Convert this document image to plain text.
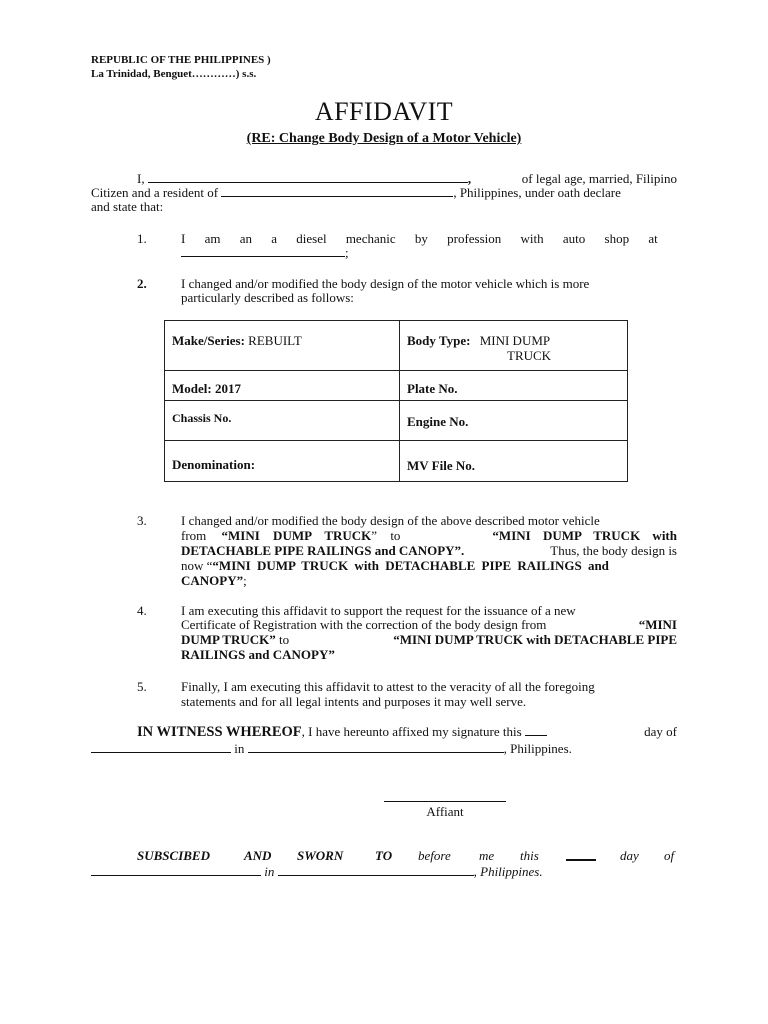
REPUBLIC OF THE PHILIPPINES )
La Trinidad, Benguet…………) s.s.
AFFIDAVIT
(RE: Change Body Design of a Motor Vehicle)
I,	,	of legal age, married, Filipino
Citizen and a resident of	, Philippines, under oath declare
and state that:
1.	I am an a diesel mechanic by profession with auto shop at
;
2.	I changed and/or modified the body design of the motor vehicle which is more
particularly described as follows:
Make/Series: REBUILT	Body Type: MINI DUMP
TRUCK
Model: 2017	Plate No.
Chassis No.	Engine No.
Denomination:	MV File No.
3.	I changed and/or modified the body design of the above described motor vehicle
from “MINI DUMP TRUCK” to	“MINI DUMP TRUCK with
DETACHABLE PIPE RAILINGS and CANOPY”.	Thus, the body design is
now ““MINI DUMP TRUCK with DETACHABLE PIPE RAILINGS and
CANOPY”;
4.	I am executing this affidavit to support the request for the issuance of a new
Certificate of Registration with the correction of the body design from	“MINI
DUMP TRUCK” to	“MINI DUMP TRUCK with DETACHABLE PIPE
RAILINGS and CANOPY”
5.	Finally, I am executing this affidavit to attest to the veracity of all the foregoing
statements and for all legal intents and purposes it may well serve.
IN WITNESS WHEREOF, I have hereunto affixed my signature this	day of
in	, Philippines.
Affiant
SUBSCIBED	AND SWORN TO before me this	day of
in	, Philippines.
